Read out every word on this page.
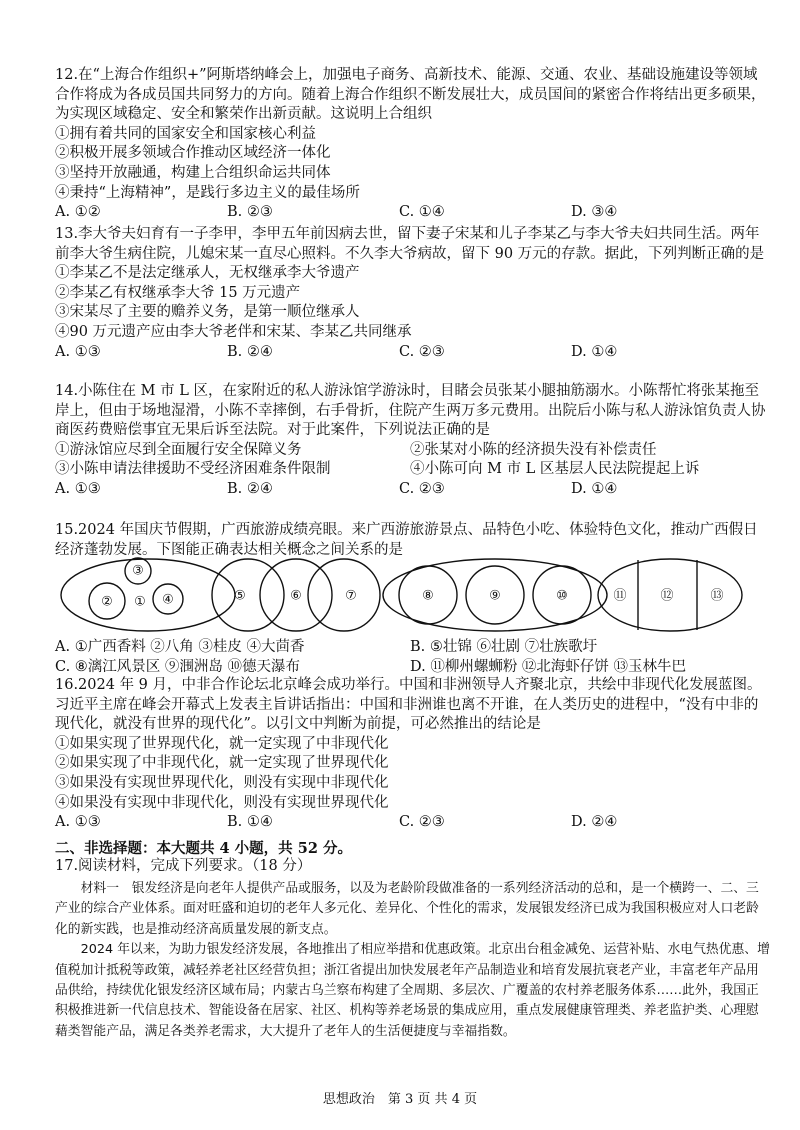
12.在“上海合作组织+”阿斯塔纳峰会上，加强电子商务、高新技术、能源、交通、农业、基础设施建设等领域合作将成为各成员国共同努力的方向。随着上海合作组织不断发展壮大，成员国间的紧密合作将结出更多硕果，为实现区域稳定、安全和繁荣作出新贡献。这说明上合组织

①拥有着共同的国家安全和国家核心利益
②积极开展多领域合作推动区域经济一体化
③坚持开放融通，构建上合组织命运共同体
④秉持“上海精神”，是践行多边主义的最佳场所
A. ①②	B. ②③	C. ①④	D. ③④

13.李大爷夫妇育有一子李甲，李甲五年前因病去世，留下妻子宋某和儿子李某乙与李大爷夫妇共同生活。两年前李大爷生病住院，儿媳宋某一直尽心照料。不久李大爷病故，留下 90 万元的存款。据此，下列判断正确的是

①李某乙不是法定继承人，无权继承李大爷遗产
②李某乙有权继承李大爷 15 万元遗产
③宋某尽了主要的赡养义务，是第一顺位继承人
④90 万元遗产应由李大爷老伴和宋某、李某乙共同继承
A. ①③	B. ②④	C. ②③	D. ①④

14.小陈住在 M 市 L 区，在家附近的私人游泳馆学游泳时，目睹会员张某小腿抽筋溺水。小陈帮忙将张某拖至岸上，但由于场地湿滑，小陈不幸摔倒，右手骨折，住院产生两万多元费用。出院后小陈与私人游泳馆负责人协商医药费赔偿事宜无果后诉至法院。对于此案件，下列说法正确的是

①游泳馆应尽到全面履行安全保障义务	②张某对小陈的经济损失没有补偿责任
③小陈申请法律援助不受经济困难条件限制	④小陈可向 M 市 L 区基层人民法院提起上诉
A. ①③	B. ②④	C. ②③	D. ①④

15.2024 年国庆节假期，广西旅游成绩亮眼。来广西游旅游景点、品特色小吃、体验特色文化，推动广西假日经济蓬勃发展。下图能正确表达相关概念之间关系的是

①
②
③
④	⑤	⑥	⑦	⑧	⑨	⑩	⑪	⑫	⑬
A. ①广西香料 ②八角 ③桂皮 ④大茴香	B. ⑤壮锦 ⑥壮剧 ⑦壮族歌圩
C. ⑧漓江风景区 ⑨涠洲岛 ⑩德天瀑布	D. ⑪柳州螺蛳粉 ⑫北海虾仔饼 ⑬玉林牛巴

16.2024 年 9 月，中非合作论坛北京峰会成功举行。中国和非洲领导人齐聚北京，共绘中非现代化发展蓝图。习近平主席在峰会开幕式上发表主旨讲话指出：中国和非洲谁也离不开谁，在人类历史的进程中，“没有中非的现代化，就没有世界的现代化”。以引文中判断为前提，可必然推出的结论是

①如果实现了世界现代化，就一定实现了中非现代化
②如果实现了中非现代化，就一定实现了世界现代化
③如果没有实现世界现代化，则没有实现中非现代化
④如果没有实现中非现代化，则没有实现世界现代化
A. ①③	B. ①④	C. ②③	D. ②④
二、非选择题：本大题共 4 小题，共 52 分。

17.阅读材料，完成下列要求。（18 分）

材料一　银发经济是向老年人提供产品或服务，以及为老龄阶段做准备的一系列经济活动的总和，是一个横跨一、二、三产业的综合产业体系。面对旺盛和迫切的老年人多元化、差异化、个性化的需求，发展银发经济已成为我国积极应对人口老龄化的新实践，也是推动经济高质量发展的新支点。

2024 年以来，为助力银发经济发展，各地推出了相应举措和优惠政策。北京出台租金减免、运营补贴、水电气热优惠、增值税加计抵税等政策，减轻养老社区经营负担；浙江省提出加快发展老年产品制造业和培育发展抗衰老产业，丰富老年产品用品供给，持续优化银发经济区域布局；内蒙古乌兰察布构建了全周期、多层次、广覆盖的农村养老服务体系……此外，我国正积极推进新一代信息技术、智能设备在居家、社区、机构等养老场景的集成应用，重点发展健康管理类、养老监护类、心理慰藉类智能产品，满足各类养老需求，大大提升了老年人的生活便捷度与幸福指数。

思想政治　第 3 页 共 4 页
